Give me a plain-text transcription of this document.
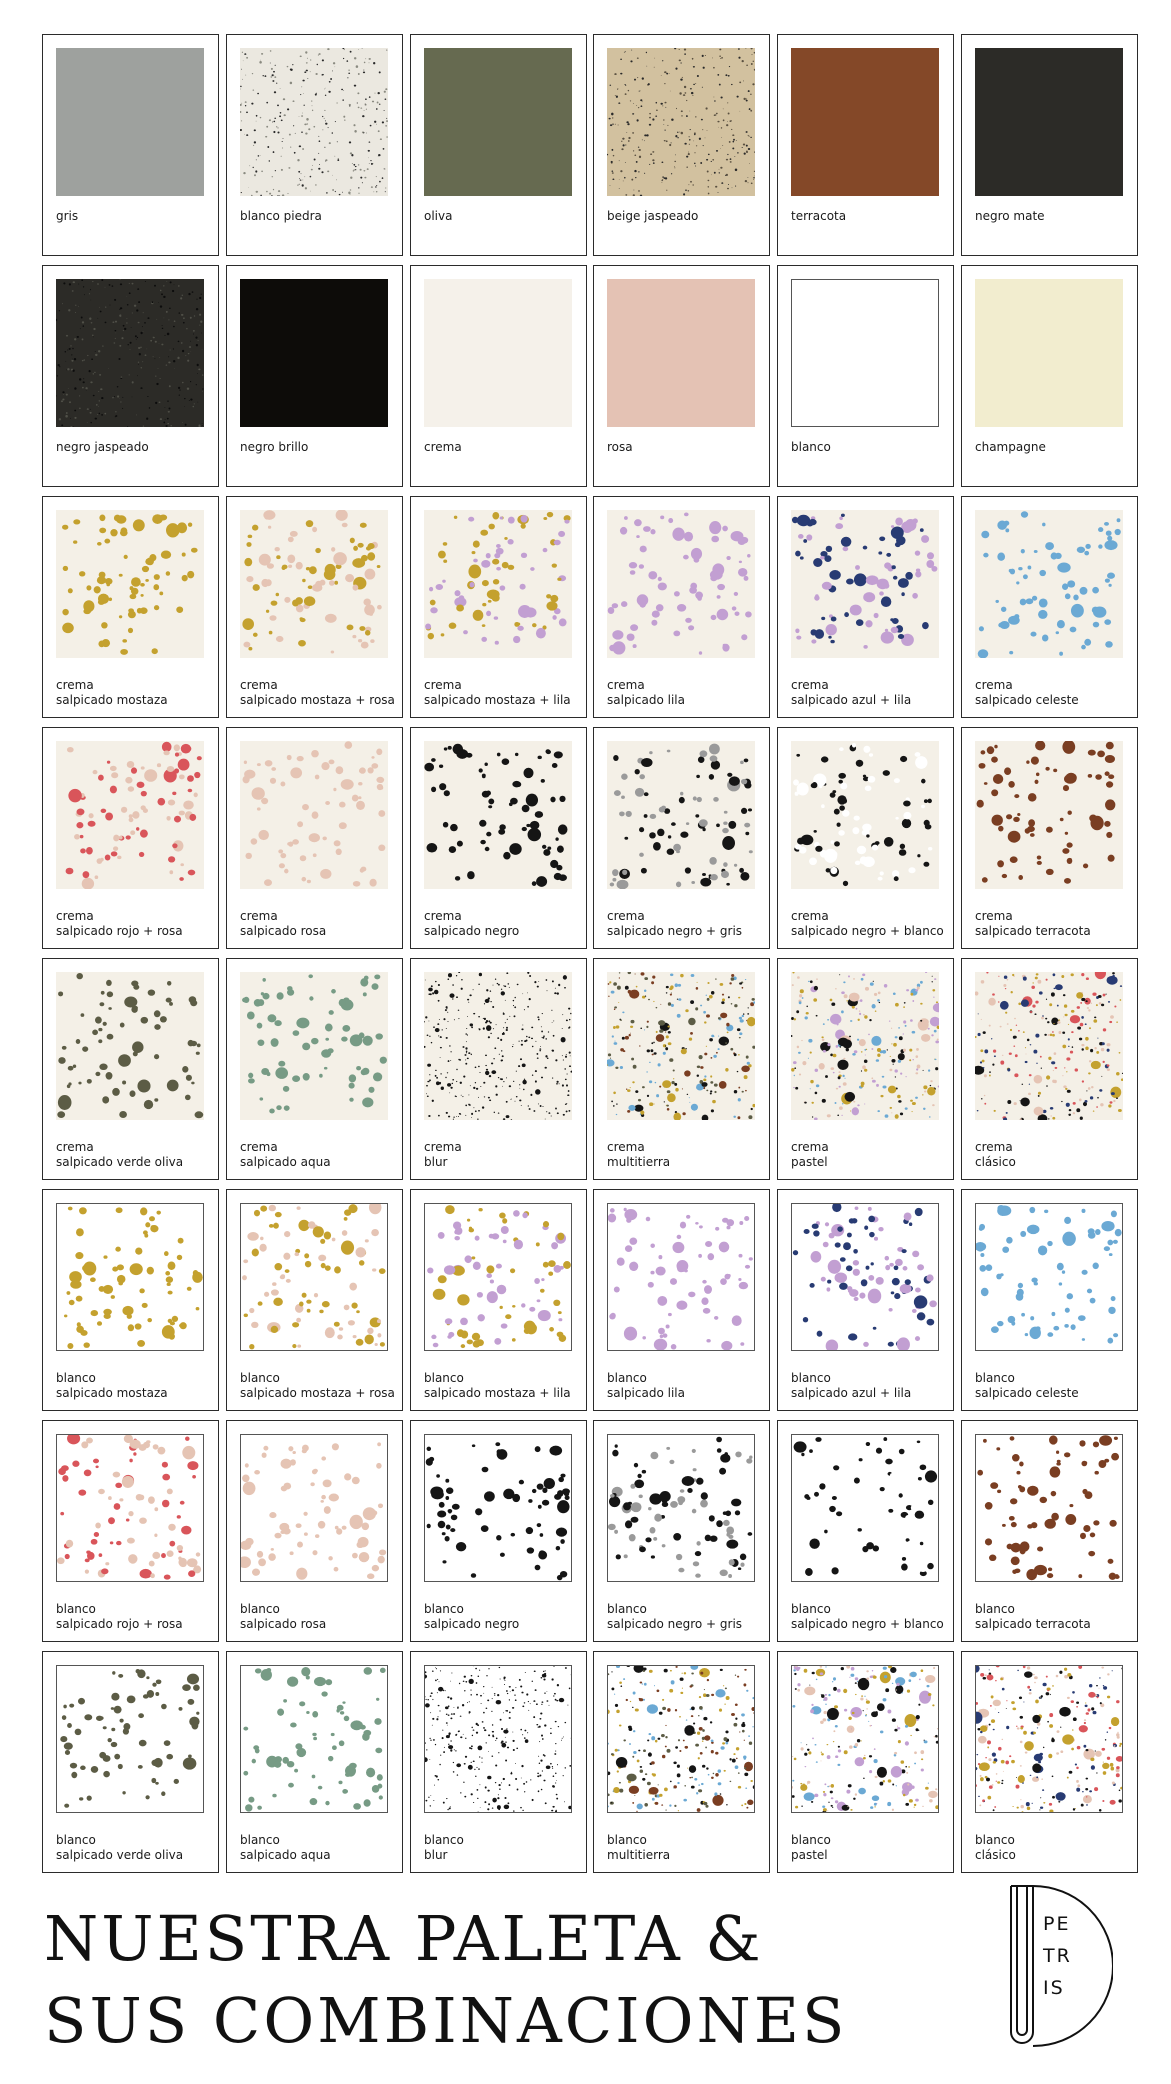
gris	blanco piedra	oliva	beige jaspeado	terracota	negro mate
negro jaspeado	negro brillo	crema	rosa	blanco	champagne
crema
salpicado mostaza
crema
salpicado mostaza + rosa
crema
salpicado mostaza + lila
crema
salpicado lila
crema
salpicado azul + lila
crema
salpicado celeste
crema
salpicado rojo + rosa
crema
salpicado rosa
crema
salpicado negro
crema
salpicado negro + gris
crema
salpicado negro + blanco
crema
salpicado terracota
crema
salpicado verde oliva
crema
salpicado aqua
crema
blur
crema
multitierra
crema
pastel
crema
clásico
blanco
salpicado mostaza
blanco
salpicado mostaza + rosa
blanco
salpicado mostaza + lila
blanco
salpicado lila
blanco
salpicado azul + lila
blanco
salpicado celeste
blanco
salpicado rojo + rosa
blanco
salpicado rosa
blanco
salpicado negro
blanco
salpicado negro + gris
blanco
salpicado negro + blanco
blanco
salpicado terracota
blanco
salpicado verde oliva
blanco
salpicado aqua
blanco
blur
blanco
multitierra
blanco
pastel
blanco
clásico
NUESTRA PALETA &
SUS COMBINACIONES
PE
TR
IS
